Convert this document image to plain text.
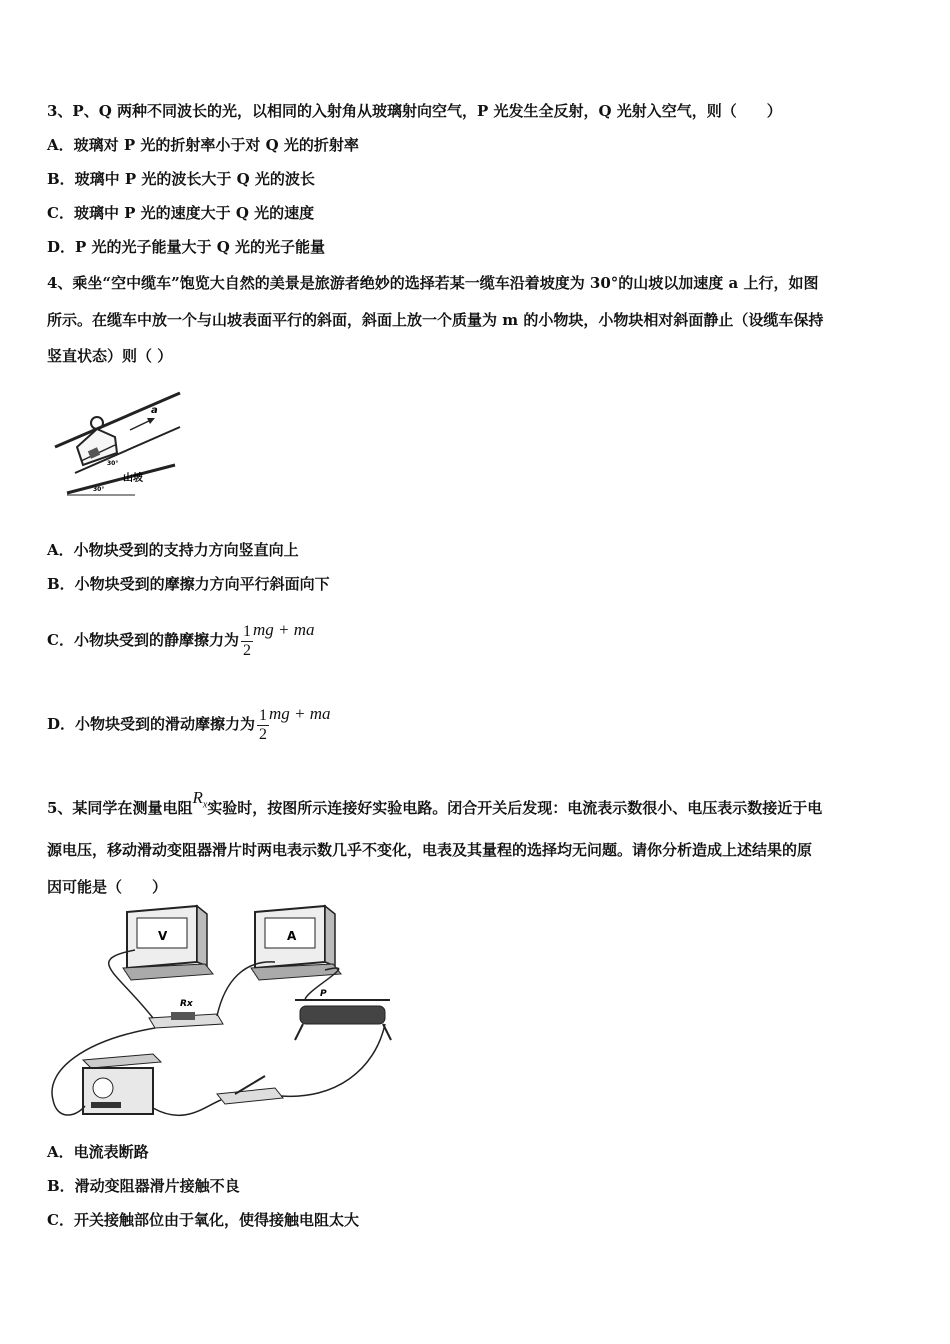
3、P、Q 两种不同波长的光，以相同的入射角从玻璃射向空气，P 光发生全反射，Q 光射入空气，则（　　）
A．玻璃对 P 光的折射率小于对 Q 光的折射率
B．玻璃中 P 光的波长大于 Q 光的波长
C．玻璃中 P 光的速度大于 Q 光的速度
D．P 光的光子能量大于 Q 光的光子能量
4、乘坐“空中缆车”饱览大自然的美景是旅游者绝妙的选择若某一缆车沿着坡度为 30°的山坡以加速度 a 上行，如图
所示。在缆车中放一个与山坡表面平行的斜面，斜面上放一个质量为 m 的小物块，小物块相对斜面静止（设缆车保持
竖直状态）则（ ）
a
30°
30°
山坡
A．小物块受到的支持力方向竖直向上
B．小物块受到的摩擦力方向平行斜面向下
C．小物块受到的静摩擦力为 $\frac{1}{2}$ mg + ma
D．小物块受到的滑动摩擦力为 $\frac{1}{2}$ mg + ma
5、某同学在测量电阻$R_x$实验时，按图所示连接好实验电路。闭合开关后发现：电流表示数很小、电压表示数接近于电
源电压，移动滑动变阻器滑片时两电表示数几乎不变化，电表及其量程的选择均无问题。请你分析造成上述结果的原
因可能是（　　）
V	A
Rx
P
A．电流表断路
B．滑动变阻器滑片接触不良
C．开关接触部位由于氧化，使得接触电阻太大
